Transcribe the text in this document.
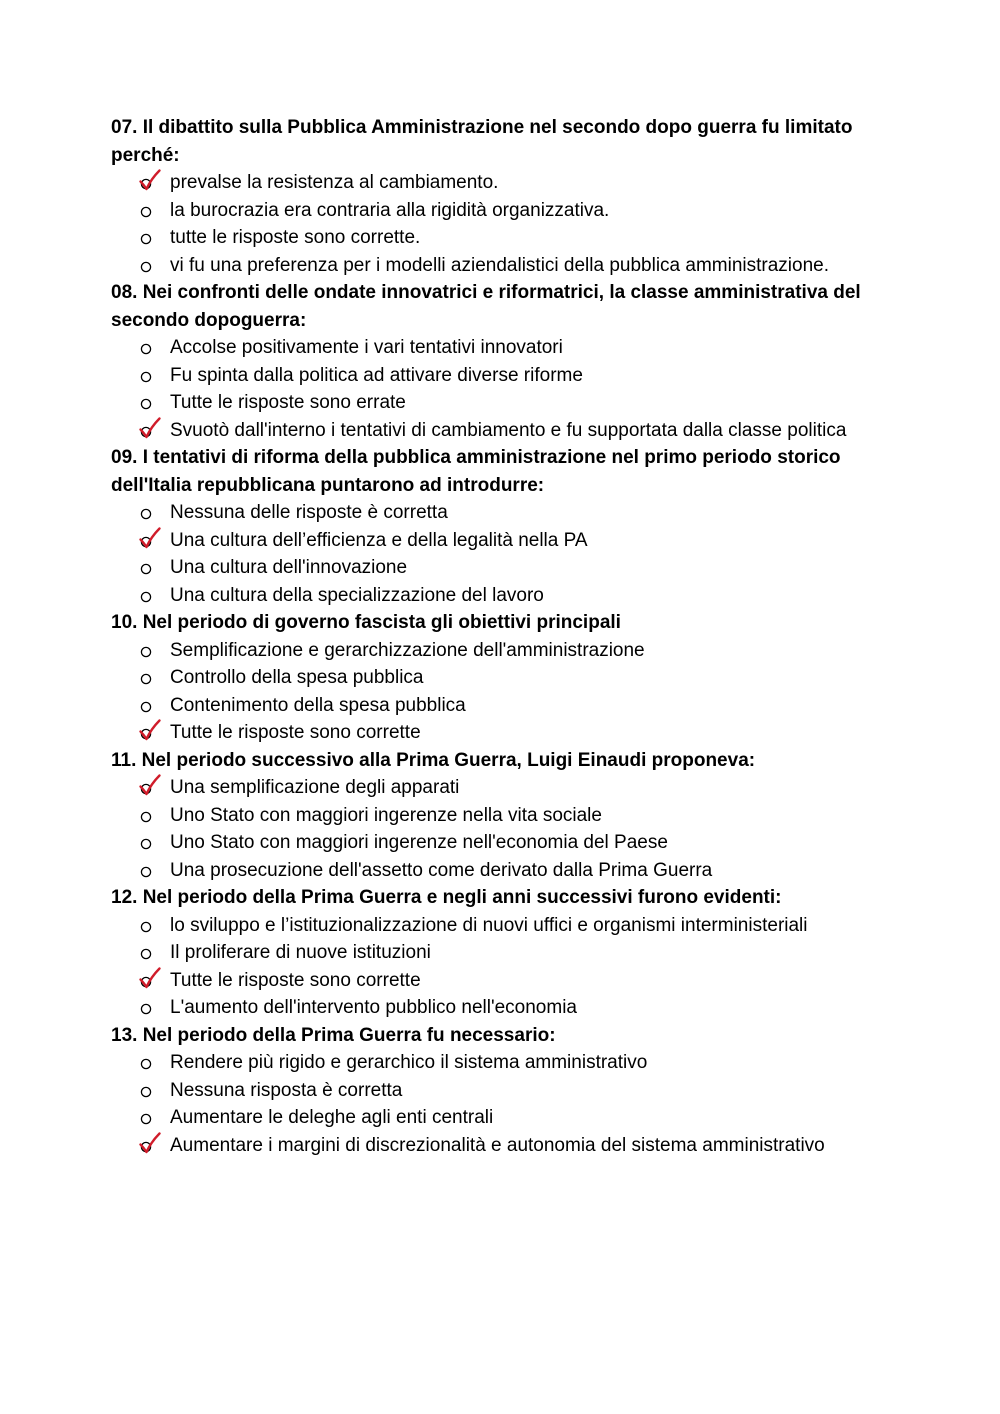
07. Il dibattito sulla Pubblica Amministrazione nel secondo dopo guerra fu limitato perché:

prevalse la resistenza al cambiamento.
la burocrazia era contraria alla rigidità organizzativa.
tutte le risposte sono corrette.
vi fu una preferenza per i modelli aziendalistici della pubblica amministrazione.

08. Nei confronti delle ondate innovatrici e riformatrici, la classe amministrativa del secondo dopoguerra:

Accolse positivamente i vari tentativi innovatori
Fu spinta dalla politica ad attivare diverse riforme
Tutte le risposte sono errate
Svuotò dall'interno i tentativi di cambiamento e fu supportata dalla classe politica

09. I tentativi di riforma della pubblica amministrazione nel primo periodo storico dell'Italia repubblicana puntarono ad introdurre:

Nessuna delle risposte è corretta
Una cultura dell’efficienza e della legalità nella PA
Una cultura dell'innovazione
Una cultura della specializzazione del lavoro

10. Nel periodo di governo fascista gli obiettivi principali

Semplificazione e gerarchizzazione dell'amministrazione
Controllo della spesa pubblica
Contenimento della spesa pubblica
Tutte le risposte sono corrette

11. Nel periodo successivo alla Prima Guerra, Luigi Einaudi proponeva:

Una semplificazione degli apparati
Uno Stato con maggiori ingerenze nella vita sociale
Uno Stato con maggiori ingerenze nell'economia del Paese
Una prosecuzione dell'assetto come derivato dalla Prima Guerra

12. Nel periodo della Prima Guerra e negli anni successivi furono evidenti:

lo sviluppo e l’istituzionalizzazione di nuovi uffici e organismi interministeriali
Il proliferare di nuove istituzioni
Tutte le risposte sono corrette
L'aumento dell'intervento pubblico nell'economia

13. Nel periodo della Prima Guerra fu necessario:

Rendere più rigido e gerarchico il sistema amministrativo
Nessuna risposta è corretta
Aumentare le deleghe agli enti centrali
Aumentare i margini di discrezionalità e autonomia del sistema amministrativo
